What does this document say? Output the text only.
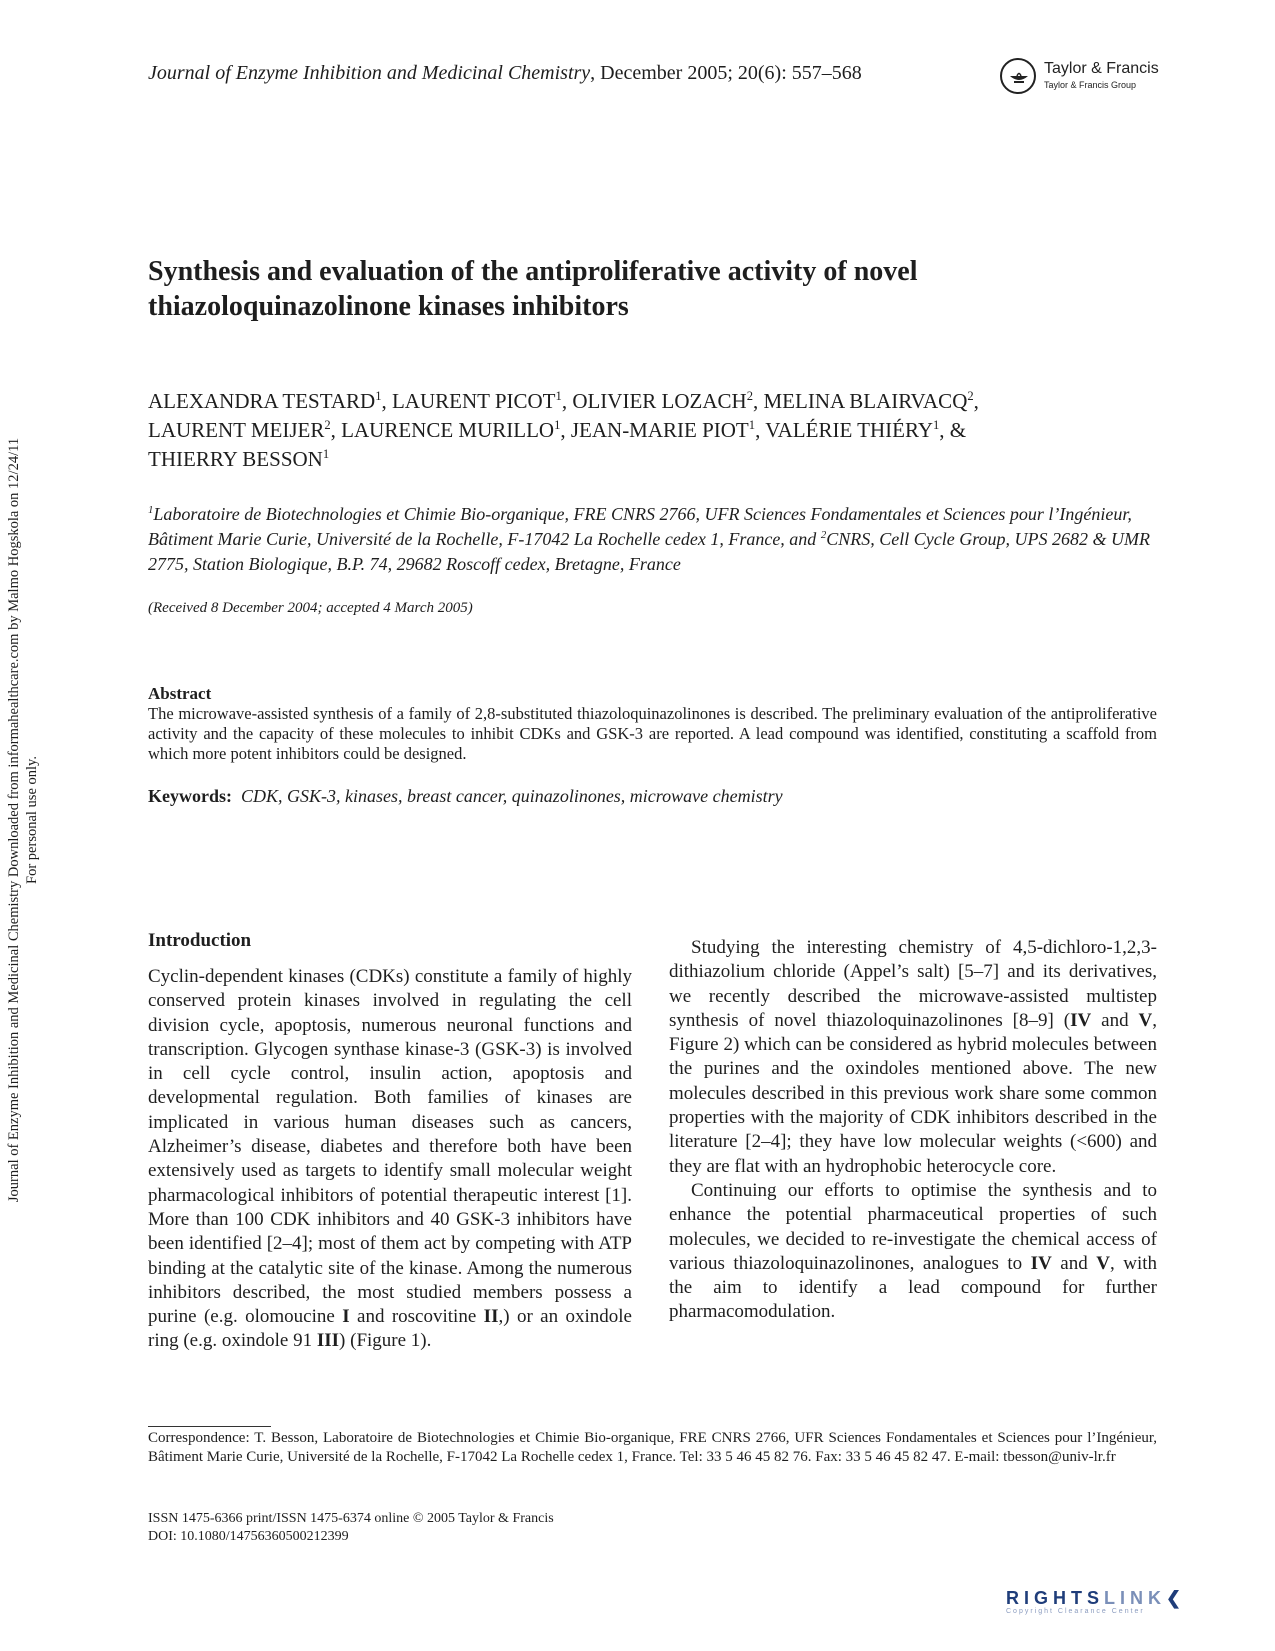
Journal of Enzyme Inhibition and Medicinal Chemistry Downloaded from informahealthcare.com by Malmo Hogskola on 12/24/11 For personal use only.
Journal of Enzyme Inhibition and Medicinal Chemistry, December 2005; 20(6): 557–568	Taylor & Francis
Taylor & Francis Group
Synthesis and evaluation of the antiproliferative activity of novel
thiazoloquinazolinone kinases inhibitors
ALEXANDRA TESTARD$^1$, LAURENT PICOT$^1$, OLIVIER LOZACH$^2$, MELINA BLAIRVACQ$^2$,
LAURENT MEIJER$^2$, LAURENCE MURILLO$^1$, JEAN-MARIE PIOT$^1$, VALÉRIE THIÉRY$^1$, &
THIERRY BESSON$^1$
$^1$Laboratoire de Biotechnologies et Chimie Bio-organique, FRE CNRS 2766, UFR Sciences Fondamentales et Sciences pour l’Ingénieur, Bâtiment Marie Curie, Université de la Rochelle, F-17042 La Rochelle cedex 1, France, and $^2$CNRS, Cell Cycle Group, UPS 2682 & UMR 2775, Station Biologique, B.P. 74, 29682 Roscoff cedex, Bretagne, France
(Received 8 December 2004; accepted 4 March 2005)
Abstract
The microwave-assisted synthesis of a family of 2,8-substituted thiazoloquinazolinones is described. The preliminary evaluation of the antiproliferative activity and the capacity of these molecules to inhibit CDKs and GSK-3 are reported. A lead compound was identified, constituting a scaffold from which more potent inhibitors could be designed.
Keywords: CDK, GSK-3, kinases, breast cancer, quinazolinones, microwave chemistry
Introduction

Cyclin-dependent kinases (CDKs) constitute a family of highly conserved protein kinases involved in regulating the cell division cycle, apoptosis, numerous neuronal functions and transcription. Glycogen synthase kinase-3 (GSK-3) is involved in cell cycle control, insulin action, apoptosis and developmental regulation. Both families of kinases are implicated in various human diseases such as cancers, Alzheimer’s disease, diabetes and therefore both have been extensively used as targets to identify small molecular weight pharmacological inhibitors of potential therapeutic interest [1]. More than 100 CDK inhibitors and 40 GSK-3 inhibitors have been identified [2–4]; most of them act by competing with ATP binding at the catalytic site of the kinase. Among the numerous inhibitors described, the most studied members possess a purine (e.g. olomoucine I and roscovitine II,) or an oxindole ring (e.g. oxindole 91 III) (Figure 1).

Studying the interesting chemistry of 4,5-dichloro-1,2,3-dithiazolium chloride (Appel’s salt) [5–7] and its derivatives, we recently described the microwave-assisted multistep synthesis of novel thiazoloquinazolinones [8–9] (IV and V, Figure 2) which can be considered as hybrid molecules between the purines and the oxindoles mentioned above. The new molecules described in this previous work share some common properties with the majority of CDK inhibitors described in the literature [2–4]; they have low molecular weights (<600) and they are flat with an hydrophobic heterocycle core.

Continuing our efforts to optimise the synthesis and to enhance the potential pharmaceutical properties of such molecules, we decided to re-investigate the chemical access of various thiazoloquinazolinones, analogues to IV and V, with the aim to identify a lead compound for further pharmacomodulation.

Correspondence: T. Besson, Laboratoire de Biotechnologies et Chimie Bio-organique, FRE CNRS 2766, UFR Sciences Fondamentales et Sciences pour l’Ingénieur, Bâtiment Marie Curie, Université de la Rochelle, F-17042 La Rochelle cedex 1, France. Tel: 33 5 46 45 82 76. Fax: 33 5 46 45 82 47. E-mail: tbesson@univ-lr.fr
ISSN 1475-6366 print/ISSN 1475-6374 online © 2005 Taylor & Francis
DOI: 10.1080/14756360500212399
RIGHTSLINK❮
Copyright Clearance Center
